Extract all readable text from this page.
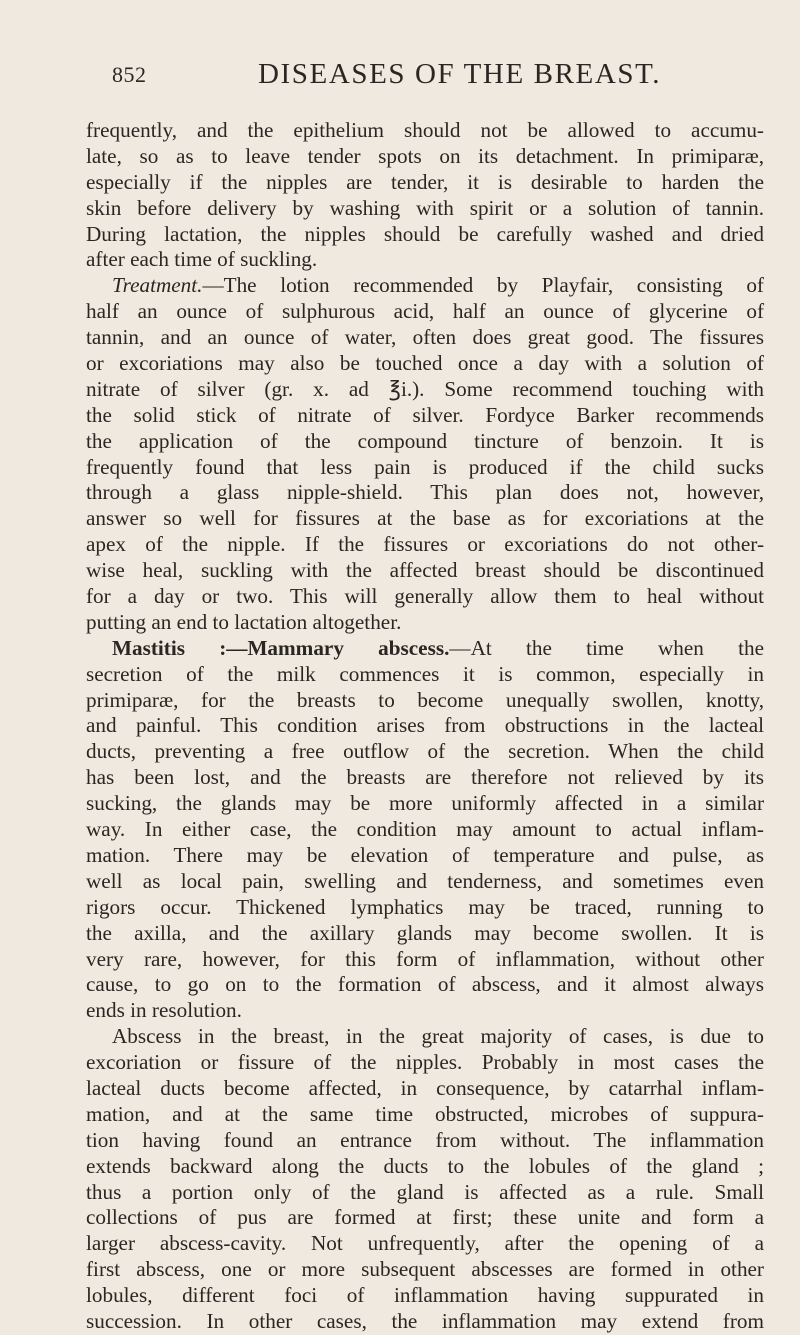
852	DISEASES OF THE BREAST.
frequently, and the epithelium should not be allowed to accumu-
late, so as to leave tender spots on its detachment. In primiparæ,
especially if the nipples are tender, it is desirable to harden the
skin before delivery by washing with spirit or a solution of tannin.
During lactation, the nipples should be carefully washed and dried
after each time of suckling.
Treatment.—The lotion recommended by Playfair, consisting of
half an ounce of sulphurous acid, half an ounce of glycerine of
tannin, and an ounce of water, often does great good. The fissures
or excoriations may also be touched once a day with a solution of
nitrate of silver (gr. x. ad ℥i.). Some recommend touching with
the solid stick of nitrate of silver. Fordyce Barker recommends
the application of the compound tincture of benzoin. It is
frequently found that less pain is produced if the child sucks
through a glass nipple-shield. This plan does not, however,
answer so well for fissures at the base as for excoriations at the
apex of the nipple. If the fissures or excoriations do not other-
wise heal, suckling with the affected breast should be discontinued
for a day or two. This will generally allow them to heal without
putting an end to lactation altogether.
Mastitis :—Mammary abscess.—At the time when the
secretion of the milk commences it is common, especially in
primiparæ, for the breasts to become unequally swollen, knotty,
and painful. This condition arises from obstructions in the lacteal
ducts, preventing a free outflow of the secretion. When the child
has been lost, and the breasts are therefore not relieved by its
sucking, the glands may be more uniformly affected in a similar
way. In either case, the condition may amount to actual inflam-
mation. There may be elevation of temperature and pulse, as
well as local pain, swelling and tenderness, and sometimes even
rigors occur. Thickened lymphatics may be traced, running to
the axilla, and the axillary glands may become swollen. It is
very rare, however, for this form of inflammation, without other
cause, to go on to the formation of abscess, and it almost always
ends in resolution.
Abscess in the breast, in the great majority of cases, is due to
excoriation or fissure of the nipples. Probably in most cases the
lacteal ducts become affected, in consequence, by catarrhal inflam-
mation, and at the same time obstructed, microbes of suppura-
tion having found an entrance from without. The inflammation
extends backward along the ducts to the lobules of the gland ;
thus a portion only of the gland is affected as a rule. Small
collections of pus are formed at first; these unite and form a
larger abscess-cavity. Not unfrequently, after the opening of a
first abscess, one or more subsequent abscesses are formed in other
lobules, different foci of inflammation having suppurated in
succession. In other cases, the inflammation may extend from
